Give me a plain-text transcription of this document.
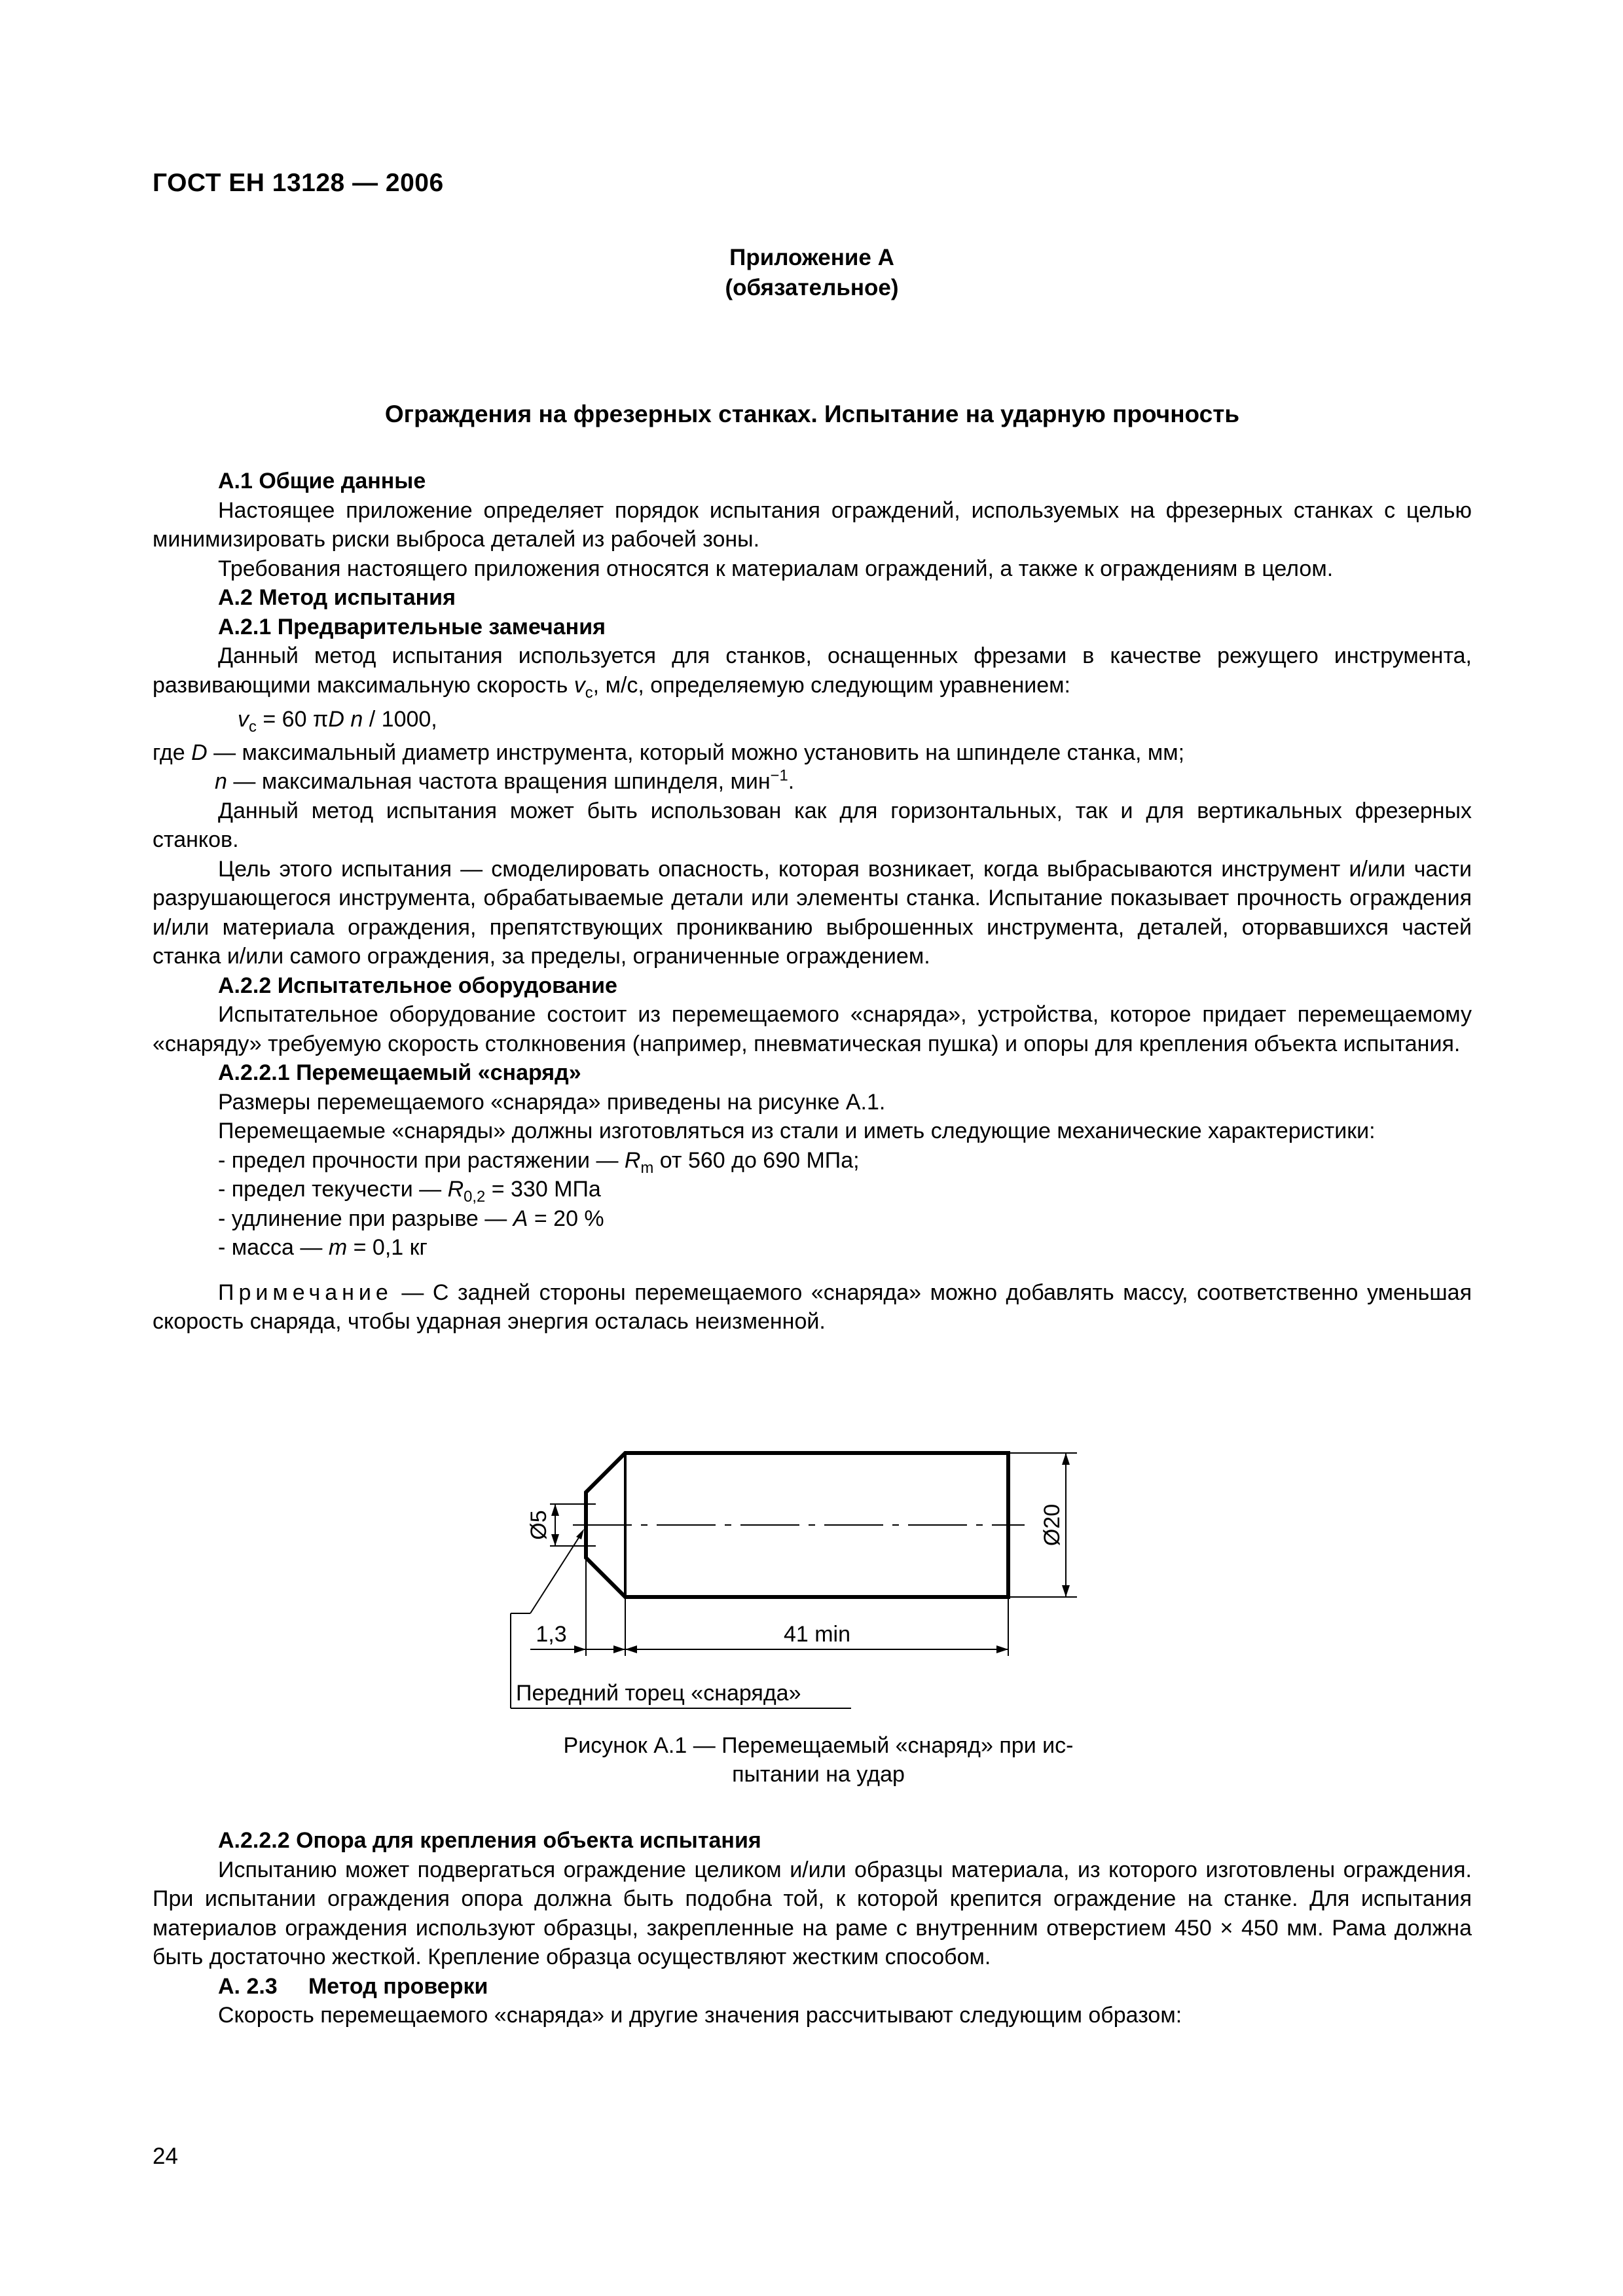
ГОСТ ЕН 13128 — 2006
Приложение А
(обязательное)
Ограждения на фрезерных станках. Испытание на ударную прочность

А.1 Общие данные

Настоящее приложение определяет порядок испытания ограждений, используемых на фрезерных станках с целью минимизировать риски выброса деталей из рабочей зоны.

Требования настоящего приложения относятся к материалам ограждений, а также к ограждениям в целом.

А.2 Метод испытания

А.2.1 Предварительные замечания

Данный метод испытания используется для станков, оснащенных фрезами в качестве режущего инструмента, развивающими максимальную скорость $v_c$, м/с, определяемую следующим уравнением:

$v_c = 60$ πD n / 1000,

где D — максимальный диаметр инструмента, который можно установить на шпинделе станка, мм;

n — максимальная частота вращения шпинделя, мин$^{-1}$.

Данный метод испытания может быть использован как для горизонтальных, так и для вертикальных фрезерных станков.

Цель этого испытания — смоделировать опасность, которая возникает, когда выбрасываются инструмент и/или части разрушающегося инструмента, обрабатываемые детали или элементы станка. Испытание показывает прочность ограждения и/или материала ограждения, препятствующих проникванию выброшенных инструмента, деталей, оторвавшихся частей станка и/или самого ограждения, за пределы, ограниченные ограждением.

А.2.2 Испытательное оборудование

Испытательное оборудование состоит из перемещаемого «снаряда», устройства, которое придает перемещаемому «снаряду» требуемую скорость столкновения (например, пневматическая пушка) и опоры для крепления объекта испытания.

А.2.2.1 Перемещаемый «снаряд»

Размеры перемещаемого «снаряда» приведены на рисунке А.1.

Перемещаемые «снаряды» должны изготовляться из стали и иметь следующие механические характеристики:

- предел прочности при растяжении — $R_m$ от 560 до 690 МПа;

- предел текучести — $R_{0,2} = 330$ МПа

- удлинение при разрыве — A = 20 %

- масса — m = 0,1 кг

Примечание — С задней стороны перемещаемого «снаряда» можно добавлять массу, соответственно уменьшая скорость снаряда, чтобы ударная энергия осталась неизменной.

Ø5	Ø20
1,3	41 min
Передний торец «снаряда»
Рисунок А.1 — Перемещаемый «снаряд» при ис-
пытании на удар

А.2.2.2 Опора для крепления объекта испытания

Испытанию может подвергаться ограждение целиком и/или образцы материала, из которого изготовлены ограждения. При испытании ограждения опора должна быть подобна той, к которой крепится ограждение на станке. Для испытания материалов ограждения используют образцы, закрепленные на раме с внутренним отверстием 450 × 450 мм. Рама должна быть достаточно жесткой. Крепление образца осуществляют жестким способом.

А. 2.3     Метод проверки

Скорость перемещаемого «снаряда» и другие значения рассчитывают следующим образом:

24
